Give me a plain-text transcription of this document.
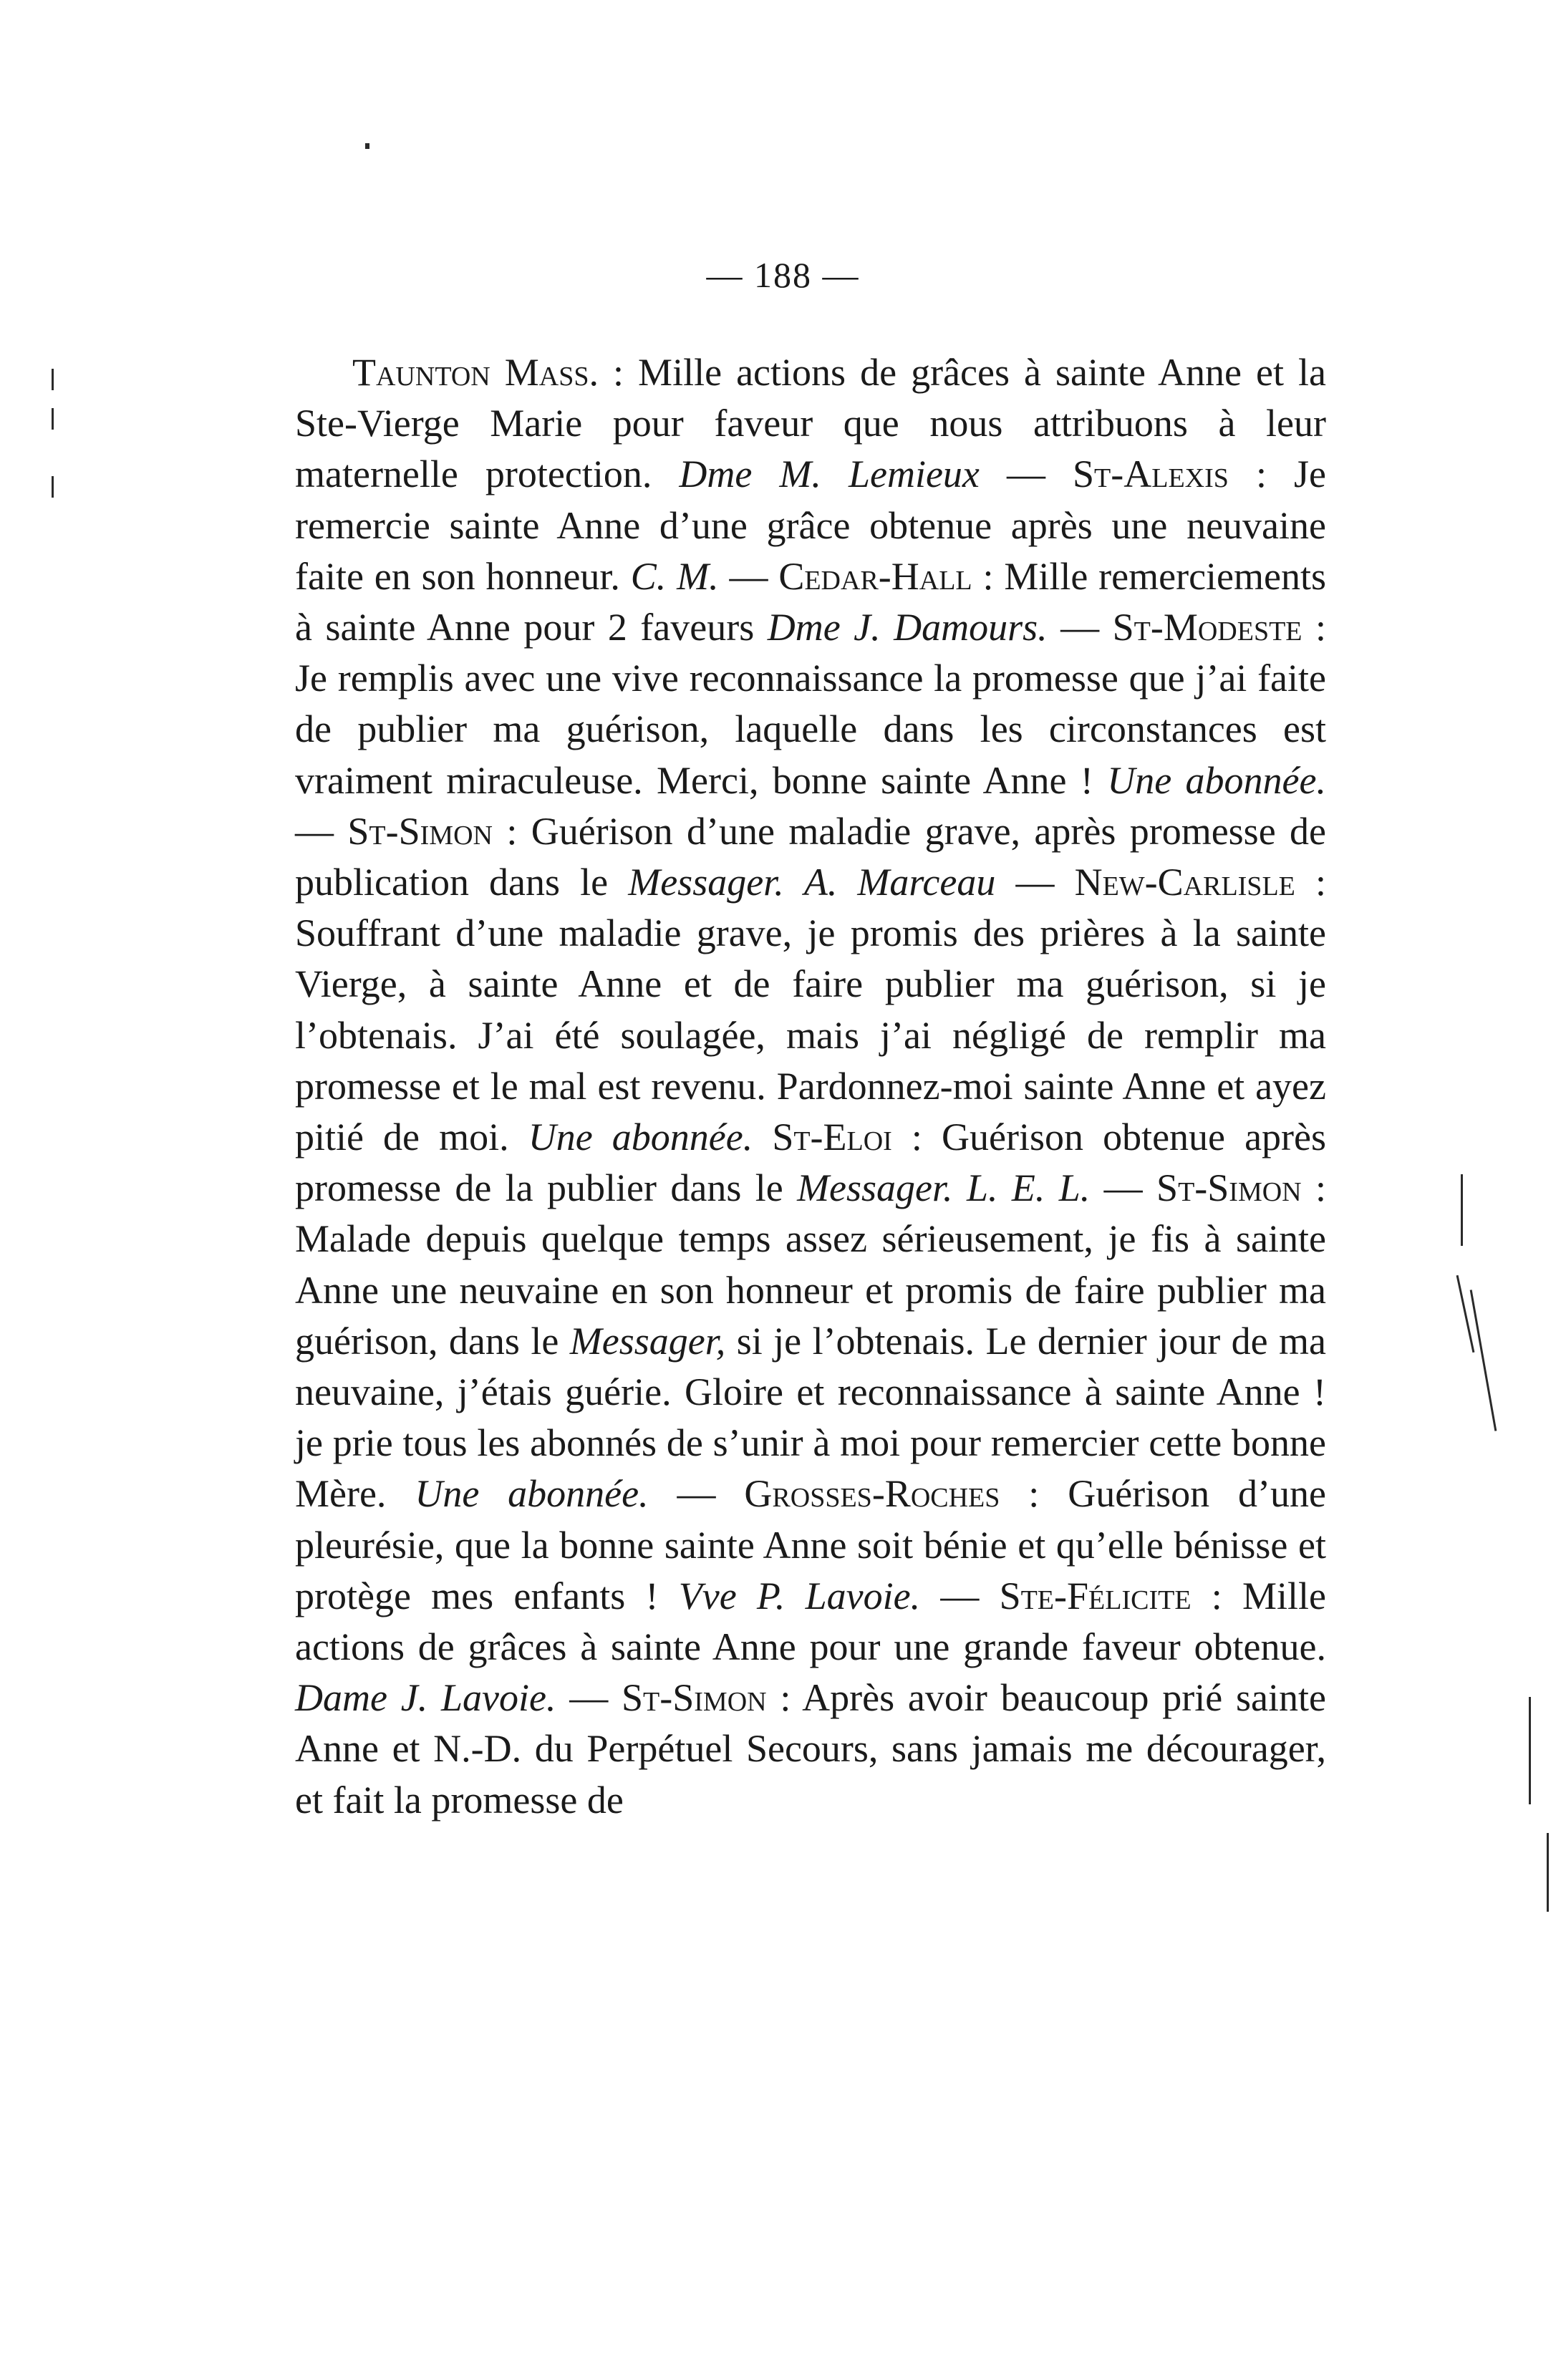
— 188 —

Taunton Mass. : Mille actions de grâces à sainte Anne et la Ste-Vierge Marie pour faveur que nous attribuons à leur maternelle protection. Dme M. Lemieux — St-Alexis : Je remercie sainte Anne d’une grâce obtenue après une neuvaine faite en son honneur. C. M. — Cedar-Hall : Mille remerciements à sainte Anne pour 2 faveurs Dme J. Damours. — St-Modeste : Je remplis avec une vive reconnaissance la promesse que j’ai faite de publier ma guérison, laquelle dans les circonstances est vraiment miraculeuse. Merci, bonne sainte Anne ! Une abonnée. — St-Simon : Guérison d’une maladie grave, après promesse de publication dans le Messager. A. Marceau — New-Carlisle : Souffrant d’une maladie grave, je promis des prières à la sainte Vierge, à sainte Anne et de faire publier ma guérison, si je l’obtenais. J’ai été soulagée, mais j’ai négligé de remplir ma promesse et le mal est revenu. Pardonnez-moi sainte Anne et ayez pitié de moi. Une abonnée. St-Eloi : Guérison obtenue après promesse de la publier dans le Messager. L. E. L. — St-Simon : Malade depuis quelque temps assez sérieusement, je fis à sainte Anne une neuvaine en son honneur et promis de faire publier ma guérison, dans le Messager, si je l’obtenais. Le dernier jour de ma neuvaine, j’étais guérie. Gloire et reconnaissance à sainte Anne ! je prie tous les abonnés de s’unir à moi pour remercier cette bonne Mère. Une abonnée. — Grosses-Roches : Guérison d’une pleurésie, que la bonne sainte Anne soit bénie et qu’elle bénisse et protège mes enfants ! Vve P. Lavoie. — Ste-Félicite : Mille actions de grâces à sainte Anne pour une grande faveur obtenue. Dame J. Lavoie. — St-Simon : Après avoir beaucoup prié sainte Anne et N.-D. du Perpétuel Secours, sans jamais me décourager, et fait la promesse de
